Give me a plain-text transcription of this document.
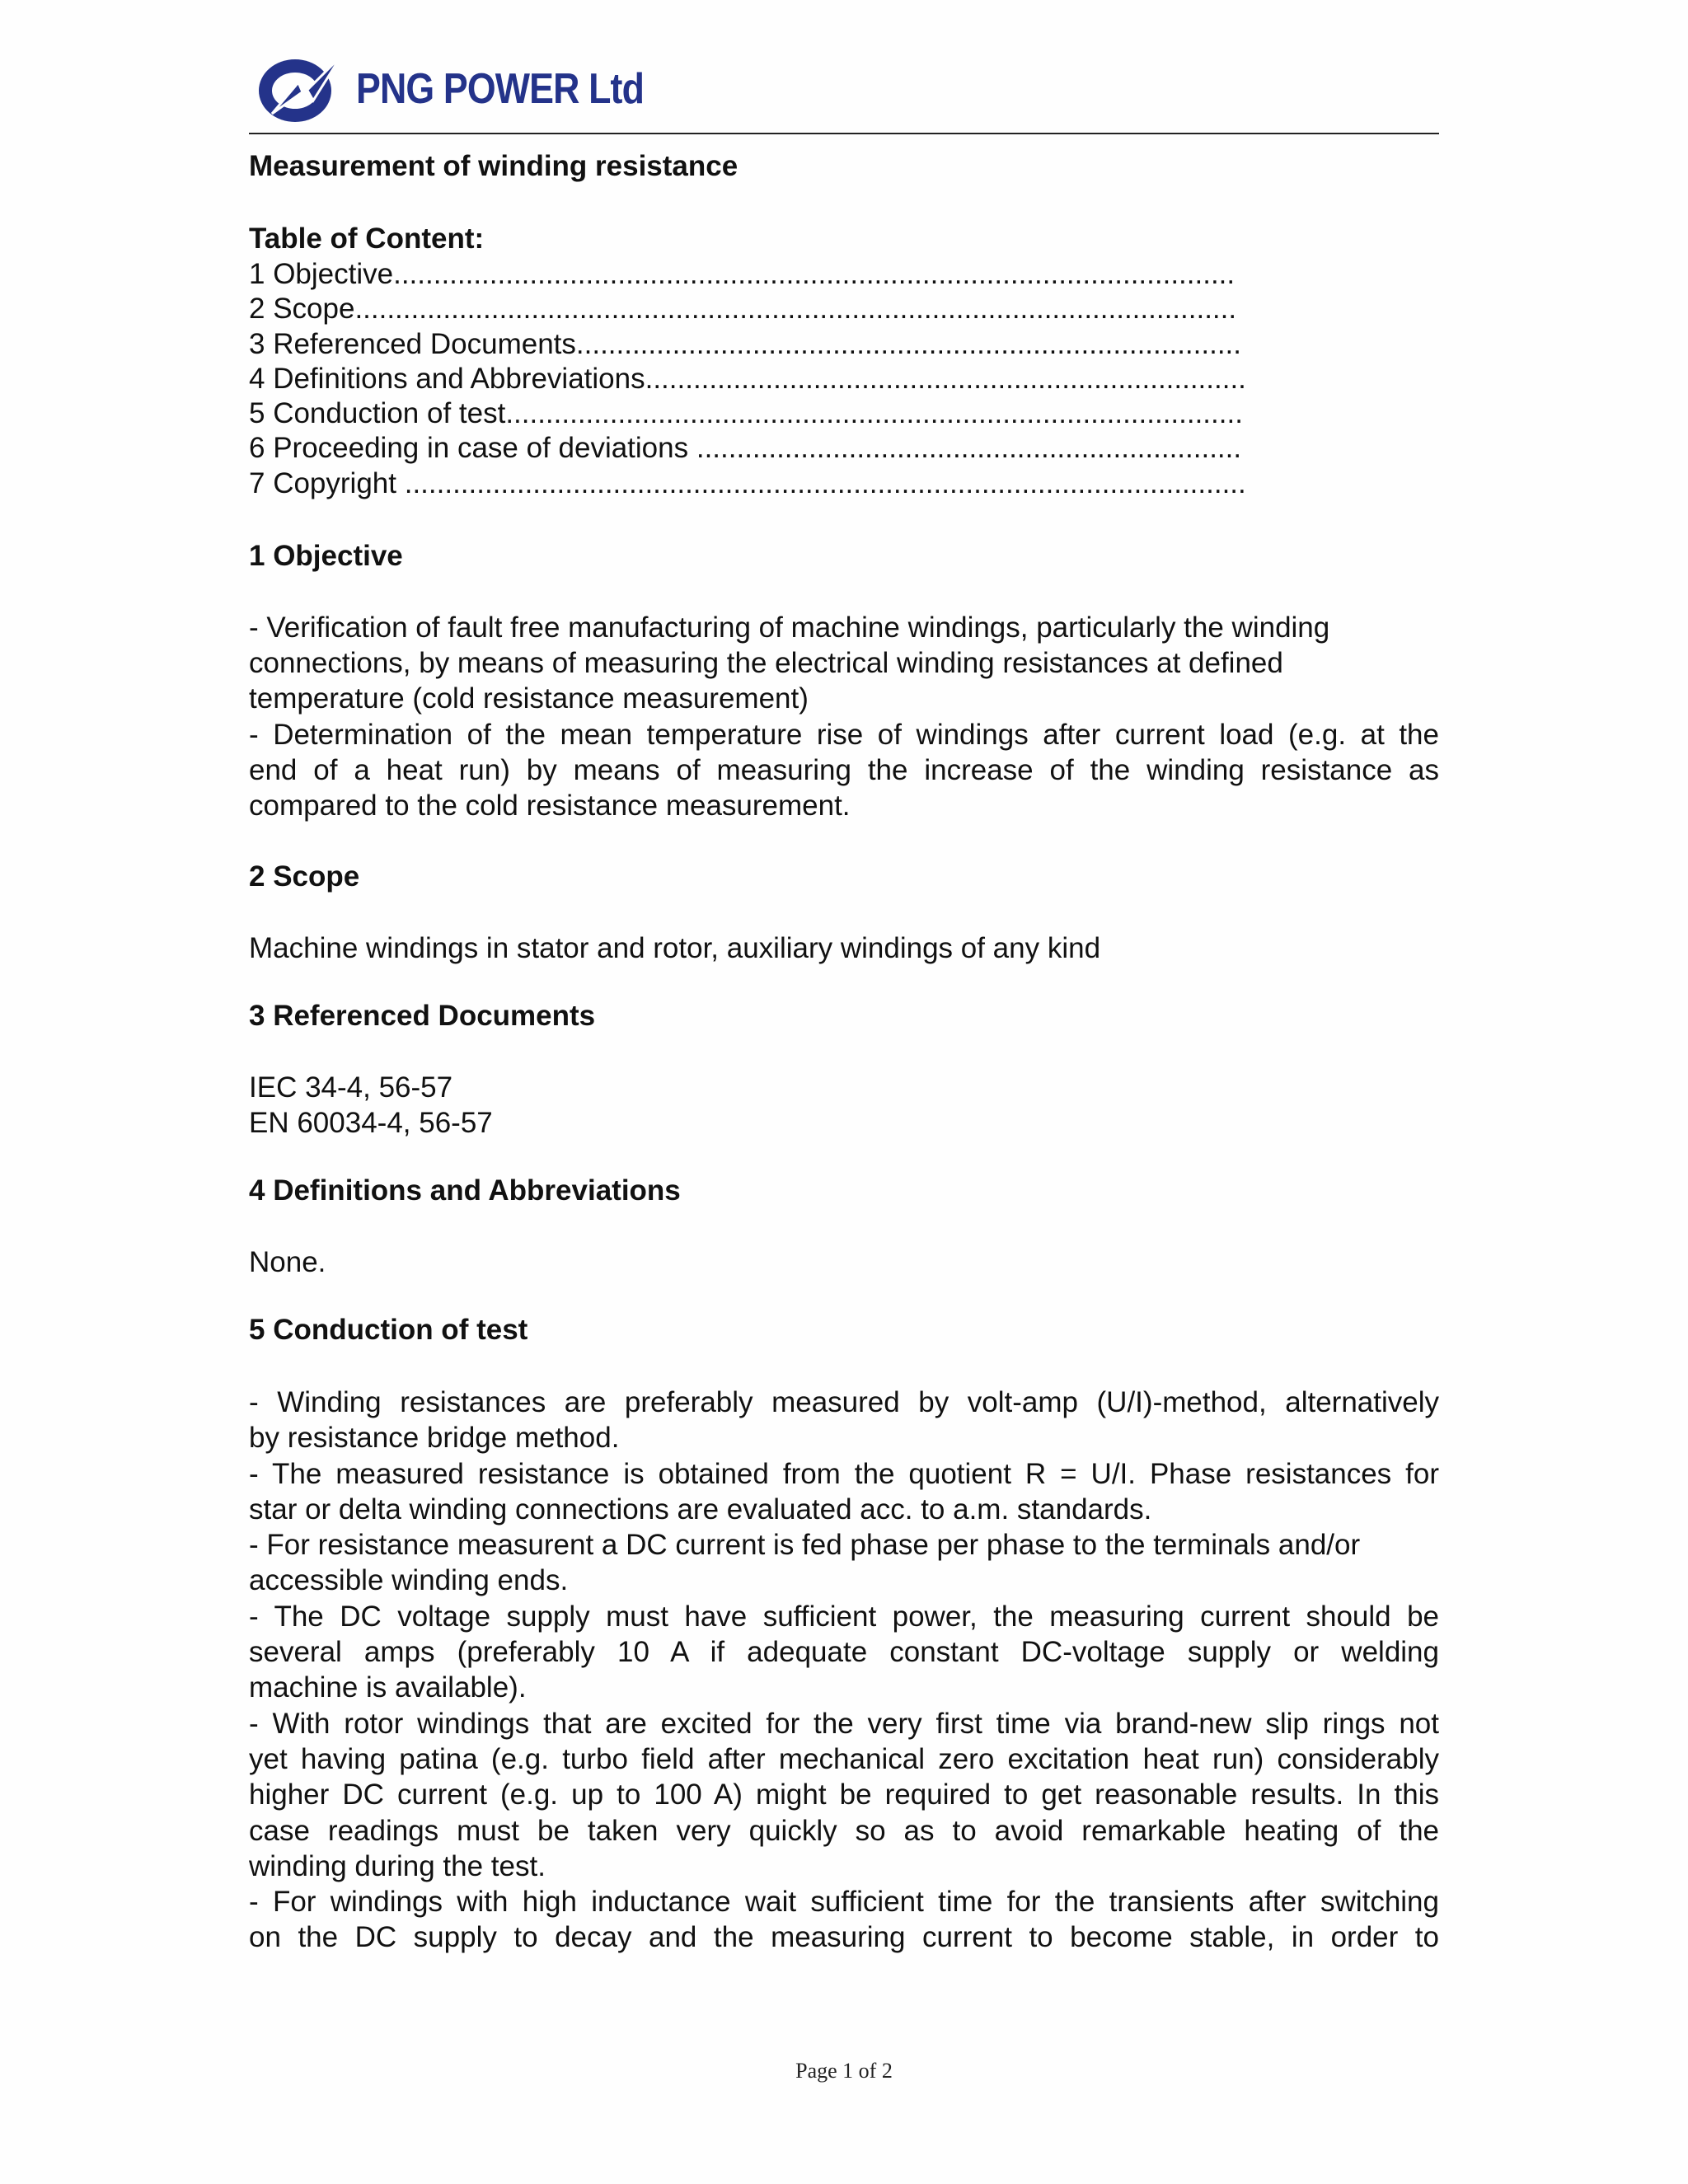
PNG POWER Ltd
Measurement of winding resistance
Table of Content:
1 Objective.........................................................................................................
2 Scope..............................................................................................................
3 Referenced Documents...................................................................................
4 Definitions and Abbreviations...........................................................................
5 Conduction of test............................................................................................
6 Proceeding in case of deviations ....................................................................
7 Copyright .........................................................................................................
1 Objective
- Verification of fault free manufacturing of machine windings, particularly the winding
connections, by means of measuring the electrical winding resistances at defined
temperature (cold resistance measurement)
- Determination of the mean temperature rise of windings after current load (e.g. at the
end of a heat run) by means of measuring the increase of the winding resistance as
compared to the cold resistance measurement.
2 Scope
Machine windings in stator and rotor, auxiliary windings of any kind
3 Referenced Documents
IEC 34-4, 56-57
EN 60034-4, 56-57
4 Definitions and Abbreviations
None.
5 Conduction of test
- Winding resistances are preferably measured by volt-amp (U/I)-method, alternatively
by resistance bridge method.
- The measured resistance is obtained from the quotient R = U/I. Phase resistances for
star or delta winding connections are evaluated acc. to a.m. standards.
- For resistance measurent a DC current is fed phase per phase to the terminals and/or
accessible winding ends.
- The DC voltage supply must have sufficient power, the measuring current should be
several amps (preferably 10 A if adequate constant DC-voltage supply or welding
machine is available).
- With rotor windings that are excited for the very first time via brand-new slip rings not
yet having patina (e.g. turbo field after mechanical zero excitation heat run) considerably
higher DC current (e.g. up to 100 A) might be required to get reasonable results. In this
case readings must be taken very quickly so as to avoid remarkable heating of the
winding during the test.
- For windings with high inductance wait sufficient time for the transients after switching
on the DC supply to decay and the measuring current to become stable, in order to
Page 1 of 2
